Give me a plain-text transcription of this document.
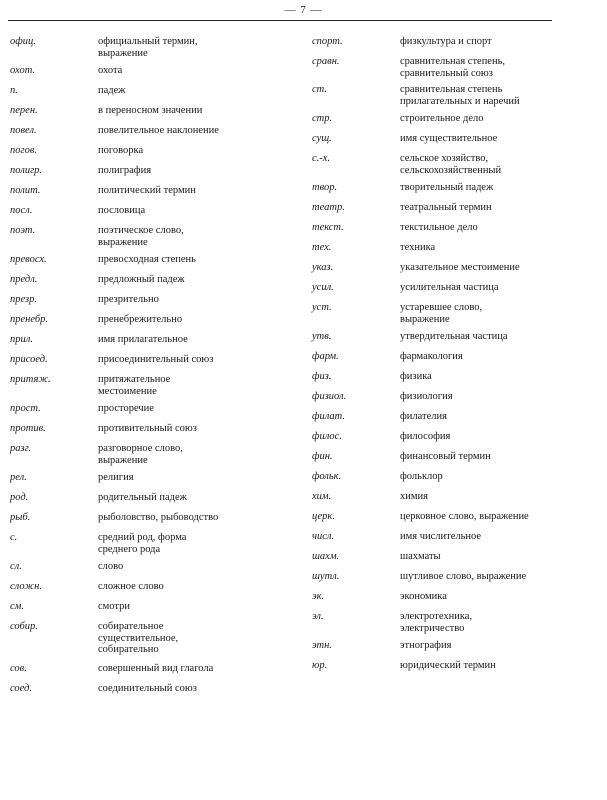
— 7 —
офиц.	официальный термин,
выражение
охот.	охота
п.	падеж
перен.	в переносном значении
повел.	повелительное наклонение
погов.	поговорка
полигр.	полиграфия
полит.	политический термин
посл.	пословица
поэт.	поэтическое слово,
выражение
превосх.	превосходная степень
предл.	предложный падеж
презр.	презрительно
пренебр.	пренебрежительно
прил.	имя прилагательное
присоед.	присоединительный союз
притяж.	притяжательное
местоимение
прост.	просторечие
против.	противительный союз
разг.	разговорное слово,
выражение
рел.	религия
род.	родительный падеж
рыб.	рыболовство, рыбоводство
с.	средний род, форма
среднего рода
сл.	слово
сложн.	сложное слово
см.	смотри
собир.	собирательное
существительное,
собирательно
сов.	совершенный вид глагола
соед.	соединительный союз
спорт.	физкультура и спорт
сравн.	сравнительная степень,
сравнительный союз
ст.	сравнительная степень
прилагательных и наречий
стр.	строительное дело
сущ.	имя существительное
с.-х.	сельское хозяйство,
сельскохозяйственный
твор.	творительный падеж
театр.	театральный термин
текст.	текстильное дело
тех.	техника
указ.	указательное местоимение
усил.	усилительная частица
уст.	устаревшее слово,
выражение
утв.	утвердительная частица
фарм.	фармакология
физ.	физика
физиол.	физиология
филат.	филателия
филос.	философия
фин.	финансовый термин
фольк.	фольклор
хим.	химия
церк.	церковное слово, выражение
числ.	имя числительное
шахм.	шахматы
шутл.	шутливое слово, выражение
эк.	экономика
эл.	электротехника,
электричество
этн.	этнография
юр.	юридический термин
